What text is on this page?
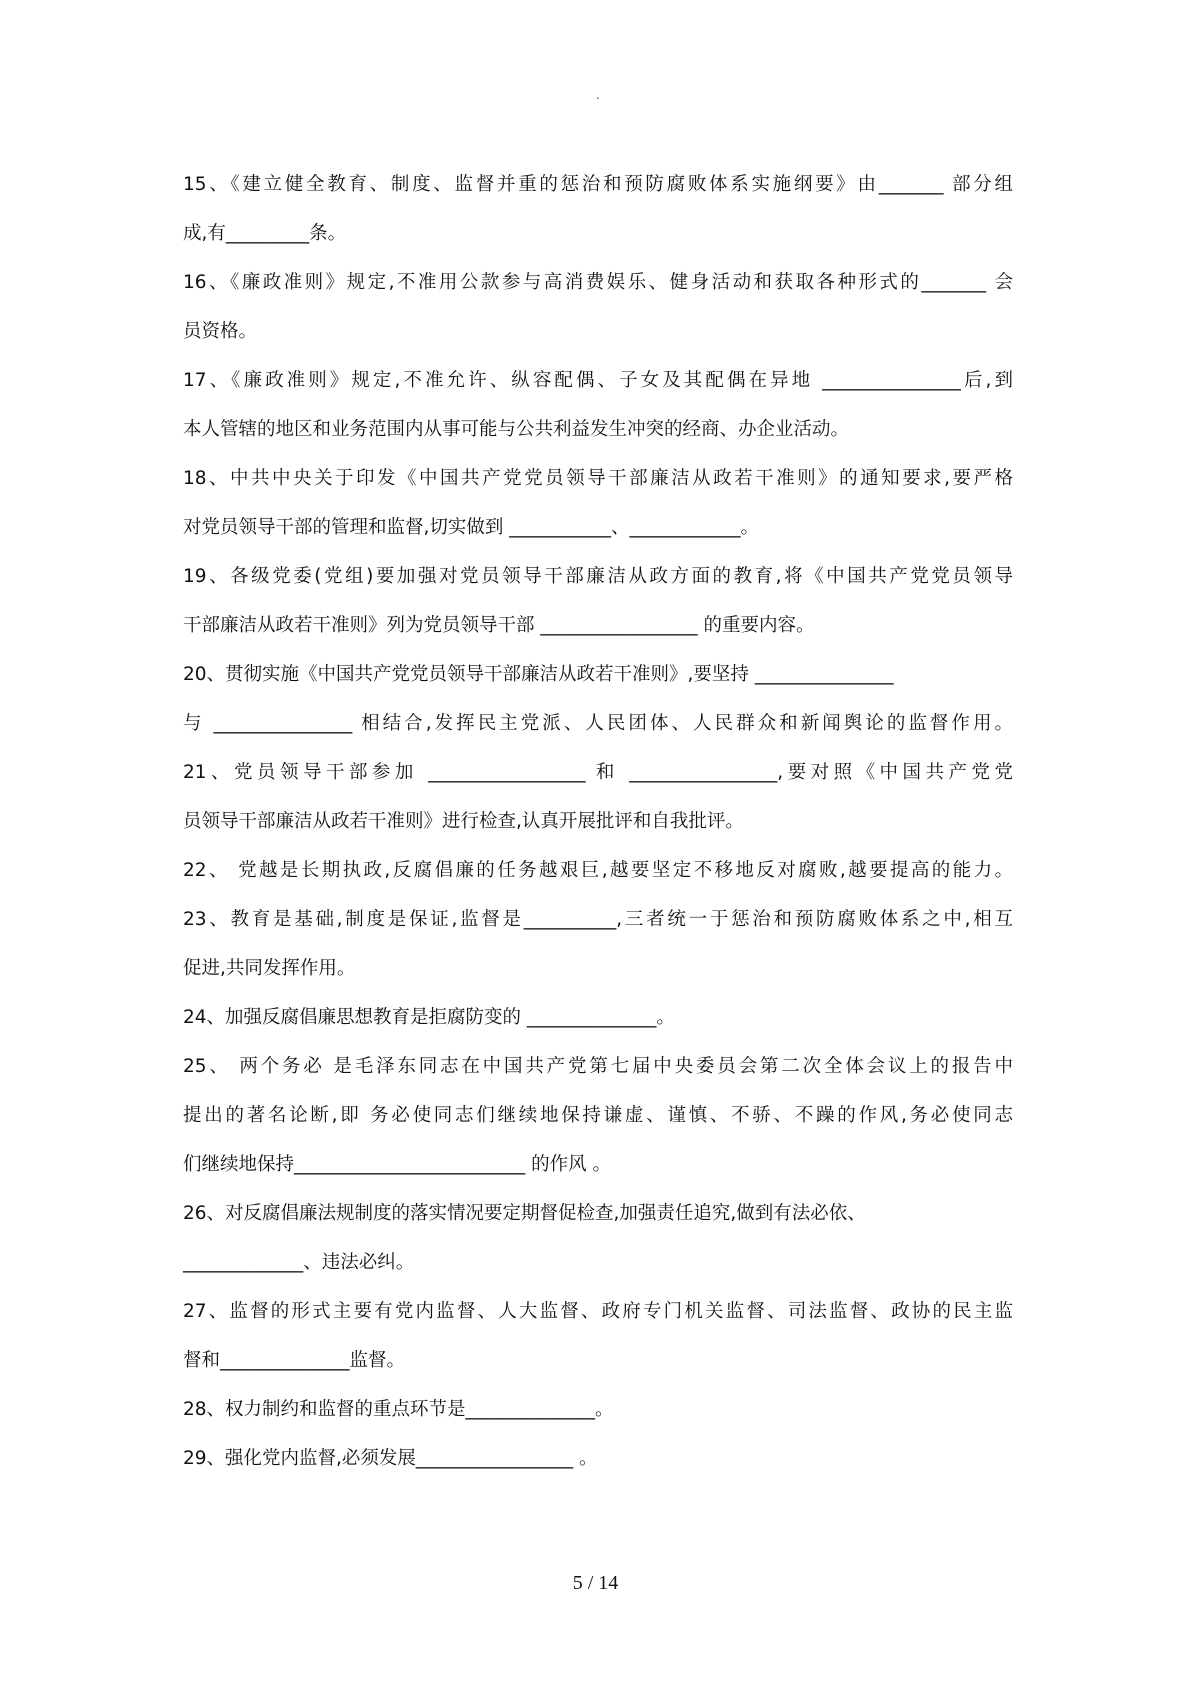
.

15、《建立健全教育、制度、监督并重的惩治和预防腐败体系实施纲要》由_______ 部分组
成,有_________条。

16、《廉政准则》规定,不准用公款参与高消费娱乐、健身活动和获取各种形式的_______ 会
员资格。

17、《廉政准则》规定,不准允许、纵容配偶、子女及其配偶在异地 _______________后,到
本人管辖的地区和业务范围内从事可能与公共利益发生冲突的经商、办企业活动。

18、中共中央关于印发《中国共产党党员领导干部廉洁从政若干准则》的通知要求,要严格
对党员领导干部的管理和监督,切实做到 ___________、____________。

19、各级党委(党组)要加强对党员领导干部廉洁从政方面的教育,将《中国共产党党员领导
干部廉洁从政若干准则》列为党员领导干部 _________________ 的重要内容。

20、贯彻实施《中国共产党党员领导干部廉洁从政若干准则》,要坚持 _______________
与 _______________ 相结合,发挥民主党派、人民团体、人民群众和新闻舆论的监督作用。

21、党员领导干部参加 _________________ 和 ________________,要对照《中国共产党党
员领导干部廉洁从政若干准则》进行检查,认真开展批评和自我批评。

22、 党越是长期执政,反腐倡廉的任务越艰巨,越要坚定不移地反对腐败,越要提高的能力。

23、教育是基础,制度是保证,监督是__________,三者统一于惩治和预防腐败体系之中,相互
促进,共同发挥作用。

24、加强反腐倡廉思想教育是拒腐防变的 ______________。

25、 两个务必 是毛泽东同志在中国共产党第七届中央委员会第二次全体会议上的报告中
提出的著名论断,即 务必使同志们继续地保持谦虚、谨慎、不骄、不躁的作风,务必使同志
们继续地保持_________________________ 的作风 。

26、对反腐倡廉法规制度的落实情况要定期督促检查,加强责任追究,做到有法必依、
_____________、违法必纠。

27、监督的形式主要有党内监督、人大监督、政府专门机关监督、司法监督、政协的民主监
督和______________监督。

28、权力制约和监督的重点环节是______________。

29、强化党内监督,必须发展_________________ 。

5 / 14
